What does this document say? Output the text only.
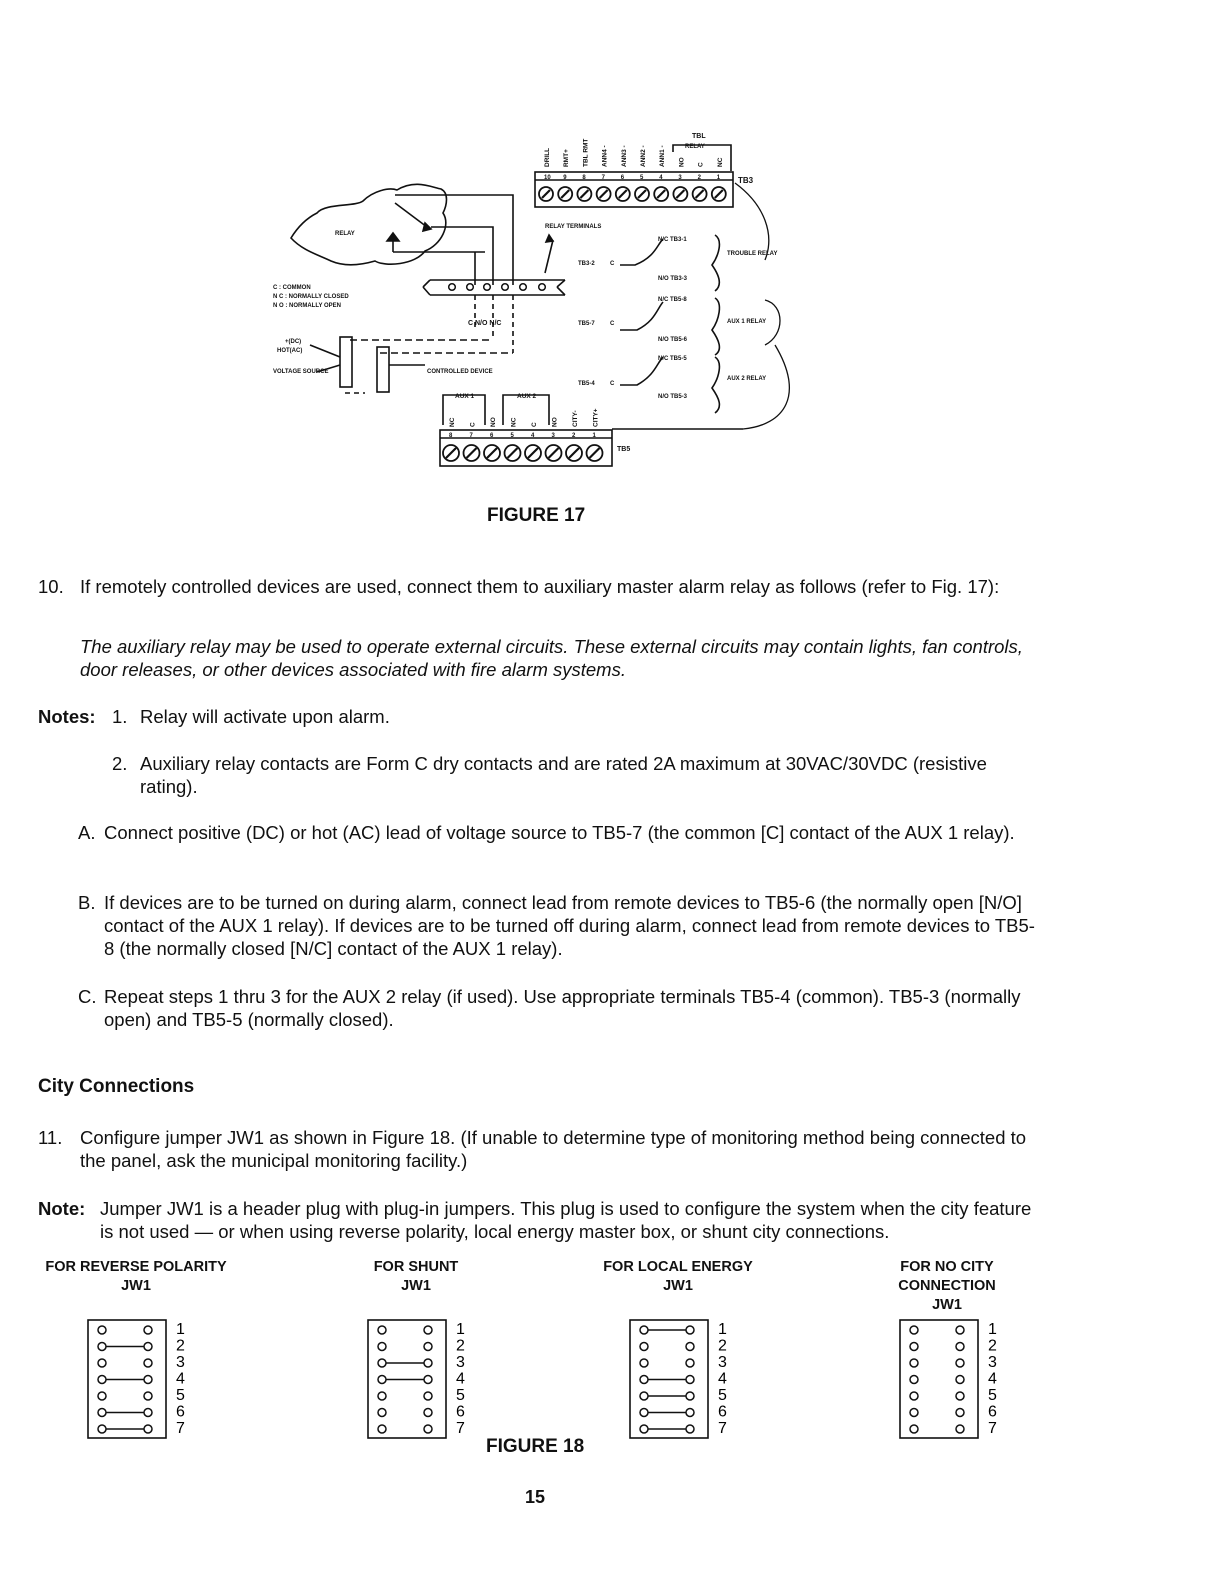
DRILL RMT+ TBL RMT ANN4 - ANN3 - ANN2 - ANN1 - NO C NC
10 9	8	7	6	5	4	3	2	1
NC C NO NC C NO CITY- CITY+
8	7	6	5	4	3	2	1
TB3
TBL
RELAY
TB5
AUX 1	AUX 2
RELAY
C : COMMON
N C : NORMALLY CLOSED
N O : NORMALLY OPEN
C N/O N/C
+(DC)
HOT(AC)
VOLTAGE SOURCE	CONTROLLED DEVICE
RELAY TERMINALS
TB3-2	C
N/C TB3-1
N/O TB3-3
TROUBLE RELAY
TB5-7	C
N/C TB5-8
N/O TB5-6
AUX 1 RELAY
TB5-4	C
N/C TB5-5
N/O TB5-3
AUX 2 RELAY
FIGURE 17
10. If remotely controlled devices are used, connect them to auxiliary master alarm relay as follows (refer to Fig. 17):
The auxiliary relay may be used to operate external circuits. These external circuits may contain lights, fan controls, door releases, or other devices associated with fire alarm systems.
Notes: 1. Relay will activate upon alarm.
2. Auxiliary relay contacts are Form C dry contacts and are rated 2A maximum at 30VAC/30VDC (resistive rating).
A. Connect positive (DC) or hot (AC) lead of voltage source to TB5-7 (the common [C] contact of the AUX 1 relay).
B. If devices are to be turned on during alarm, connect lead from remote devices to TB5-6 (the normally open [N/O] contact of the AUX 1 relay). If devices are to be turned off during alarm, connect lead from remote devices to TB5-8 (the normally closed [N/C] contact of the AUX 1 relay).
C. Repeat steps 1 thru 3 for the AUX 2 relay (if used). Use appropriate terminals TB5-4 (common). TB5-3 (normally open) and TB5-5 (normally closed).
City Connections
11. Configure jumper JW1 as shown in Figure 18. (If unable to determine type of monitoring method being connected to the panel, ask the municipal monitoring facility.)
Note: Jumper JW1 is a header plug with plug-in jumpers. This plug is used to configure the system when the city feature is not used — or when using reverse polarity, local energy master box, or shunt city connections.
FOR REVERSE POLARITY
JW1
FOR SHUNT
JW1
FOR LOCAL ENERGY
JW1
FOR NO CITY
CONNECTION
JW1
1
2
3
4
5
6
7
1
2
3
4
5
6
7
1
2
3
4
5
6
7
1
2
3
4
5
6
7
FIGURE 18
15
